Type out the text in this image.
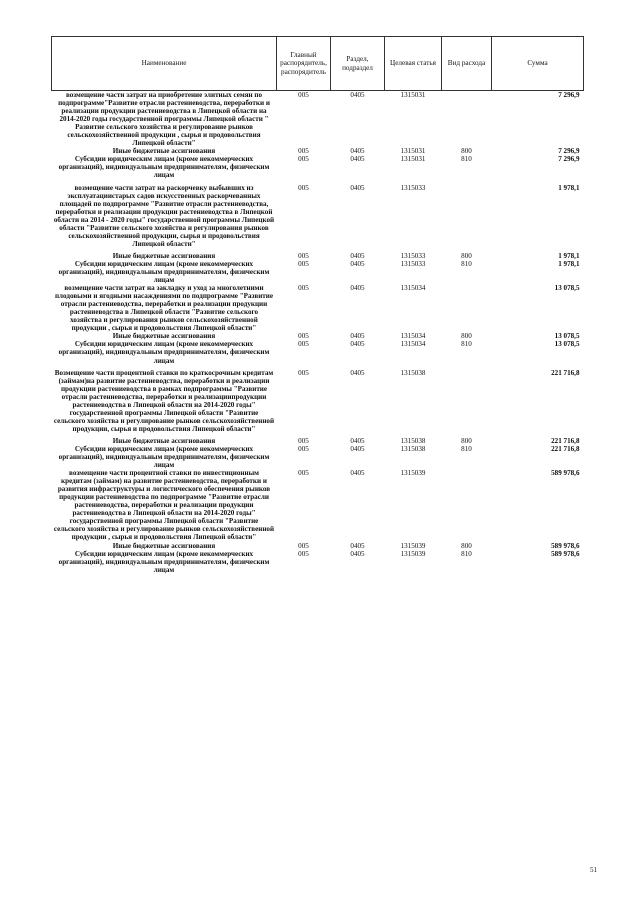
Наименование	Главный распорядитель, распорядитель	Раздел, подраздел	Целевая статья	Вид расхода	Сумма
возмещение части затрат на приобретение элитных семян по подпрограмме"Развитие отрасли растениеводства, переработки и реализации продукции растениеводства в Липецкой области на 2014-2020 годы государственной программы Липецкой области " Развитие сельского хозяйства и регулирование рынков сельскохозяйственной продукции , сырья и продовольствия Липецкой области"	005	0405	1315031		7 296,9
Иные бюджетные ассигнования	005	0405	1315031	800	7 296,9
Субсидии юридическим лицам (кроме некоммерческих организаций), индивидуальным предпринимателям, физическим лицам	005	0405	1315031	810	7 296,9

возмещение части затрат на раскорчевку выбывших из эксплуатациистарых садов искусственных раскорчеванных площадей по подпрограмме "Развитие отрасли растениеводства, переработки и реализации продукции растениеводства в Липецкой области на 2014 - 2020 годы" государственной программы Липецкой области "Развитие сельского хозяйства и регулирования рынков сельскохозяйственной продукции, сырья и продовольствия Липецкой области"	005	0405	1315033		1 978,1

Иные бюджетные ассигнования	005	0405	1315033	800	1 978,1
Субсидии юридическим лицам (кроме некоммерческих организаций), индивидуальным предпринимателям, физическим лицам	005	0405	1315033	810	1 978,1
возмещение части затрат на закладку и уход за многолетними плодовыми и ягодными насаждениями по подпрограмме "Развитие отрасли растениеводства, переработки и реализации продукции растениеводства в Липецкой области "Развитие сельского хозяйства и регулирования рынков сельскохозяйственной продукции , сырья и продовольствия Липецкой области"	005	0405	1315034		13 078,5
Иные бюджетные ассигнования	005	0405	1315034	800	13 078,5
Субсидии юридическим лицам (кроме некоммерческих организаций), индивидуальным предпринимателям, физическим лицам	005	0405	1315034	810	13 078,5

Возмещение части процентной ставки по краткосрочным кредитам (займам)на развитие растениеводства, переработки и реализации продукции растениеводства в рамках подпрограммы "Развитие отрасли растениеводства, переработки и реализациипродукции растениеводства в Липецкой области на 2014-2020 годы" государственной программы Липецкой области "Развитие сельского хозяйства и регулирование рынков сельскохозяйственной продукции, сырья и продовольствия Липецкой области"	005	0405	1315038		221 716,8

Иные бюджетные ассигнования	005	0405	1315038	800	221 716,8
Субсидии юридическим лицам (кроме некоммерческих организаций), индивидуальным предпринимателям, физическим лицам	005	0405	1315038	810	221 716,8
возмещение части процентной ставки по инвестиционным кредитам (займам) на развитие растениеводства, переработки и развития инфраструктуры и логистического обеспечения рынков продукции растениеводства по подпрограмме "Развитие отрасли растениеводства, переработки и реализации продукции растениеводства в Липецкой области на 2014-2020 годы" государственной программы Липецкой области "Развитие сельского хозяйства и регулирование рынков сельскохозяйственной продукции , сырья и продовольствия Липецкой области"	005	0405	1315039		589 978,6
Иные бюджетные ассигнования	005	0405	1315039	800	589 978,6
Субсидии юридическим лицам (кроме некоммерческих организаций), индивидуальным предпринимателям, физическим лицам	005	0405	1315039	810	589 978,6
51
